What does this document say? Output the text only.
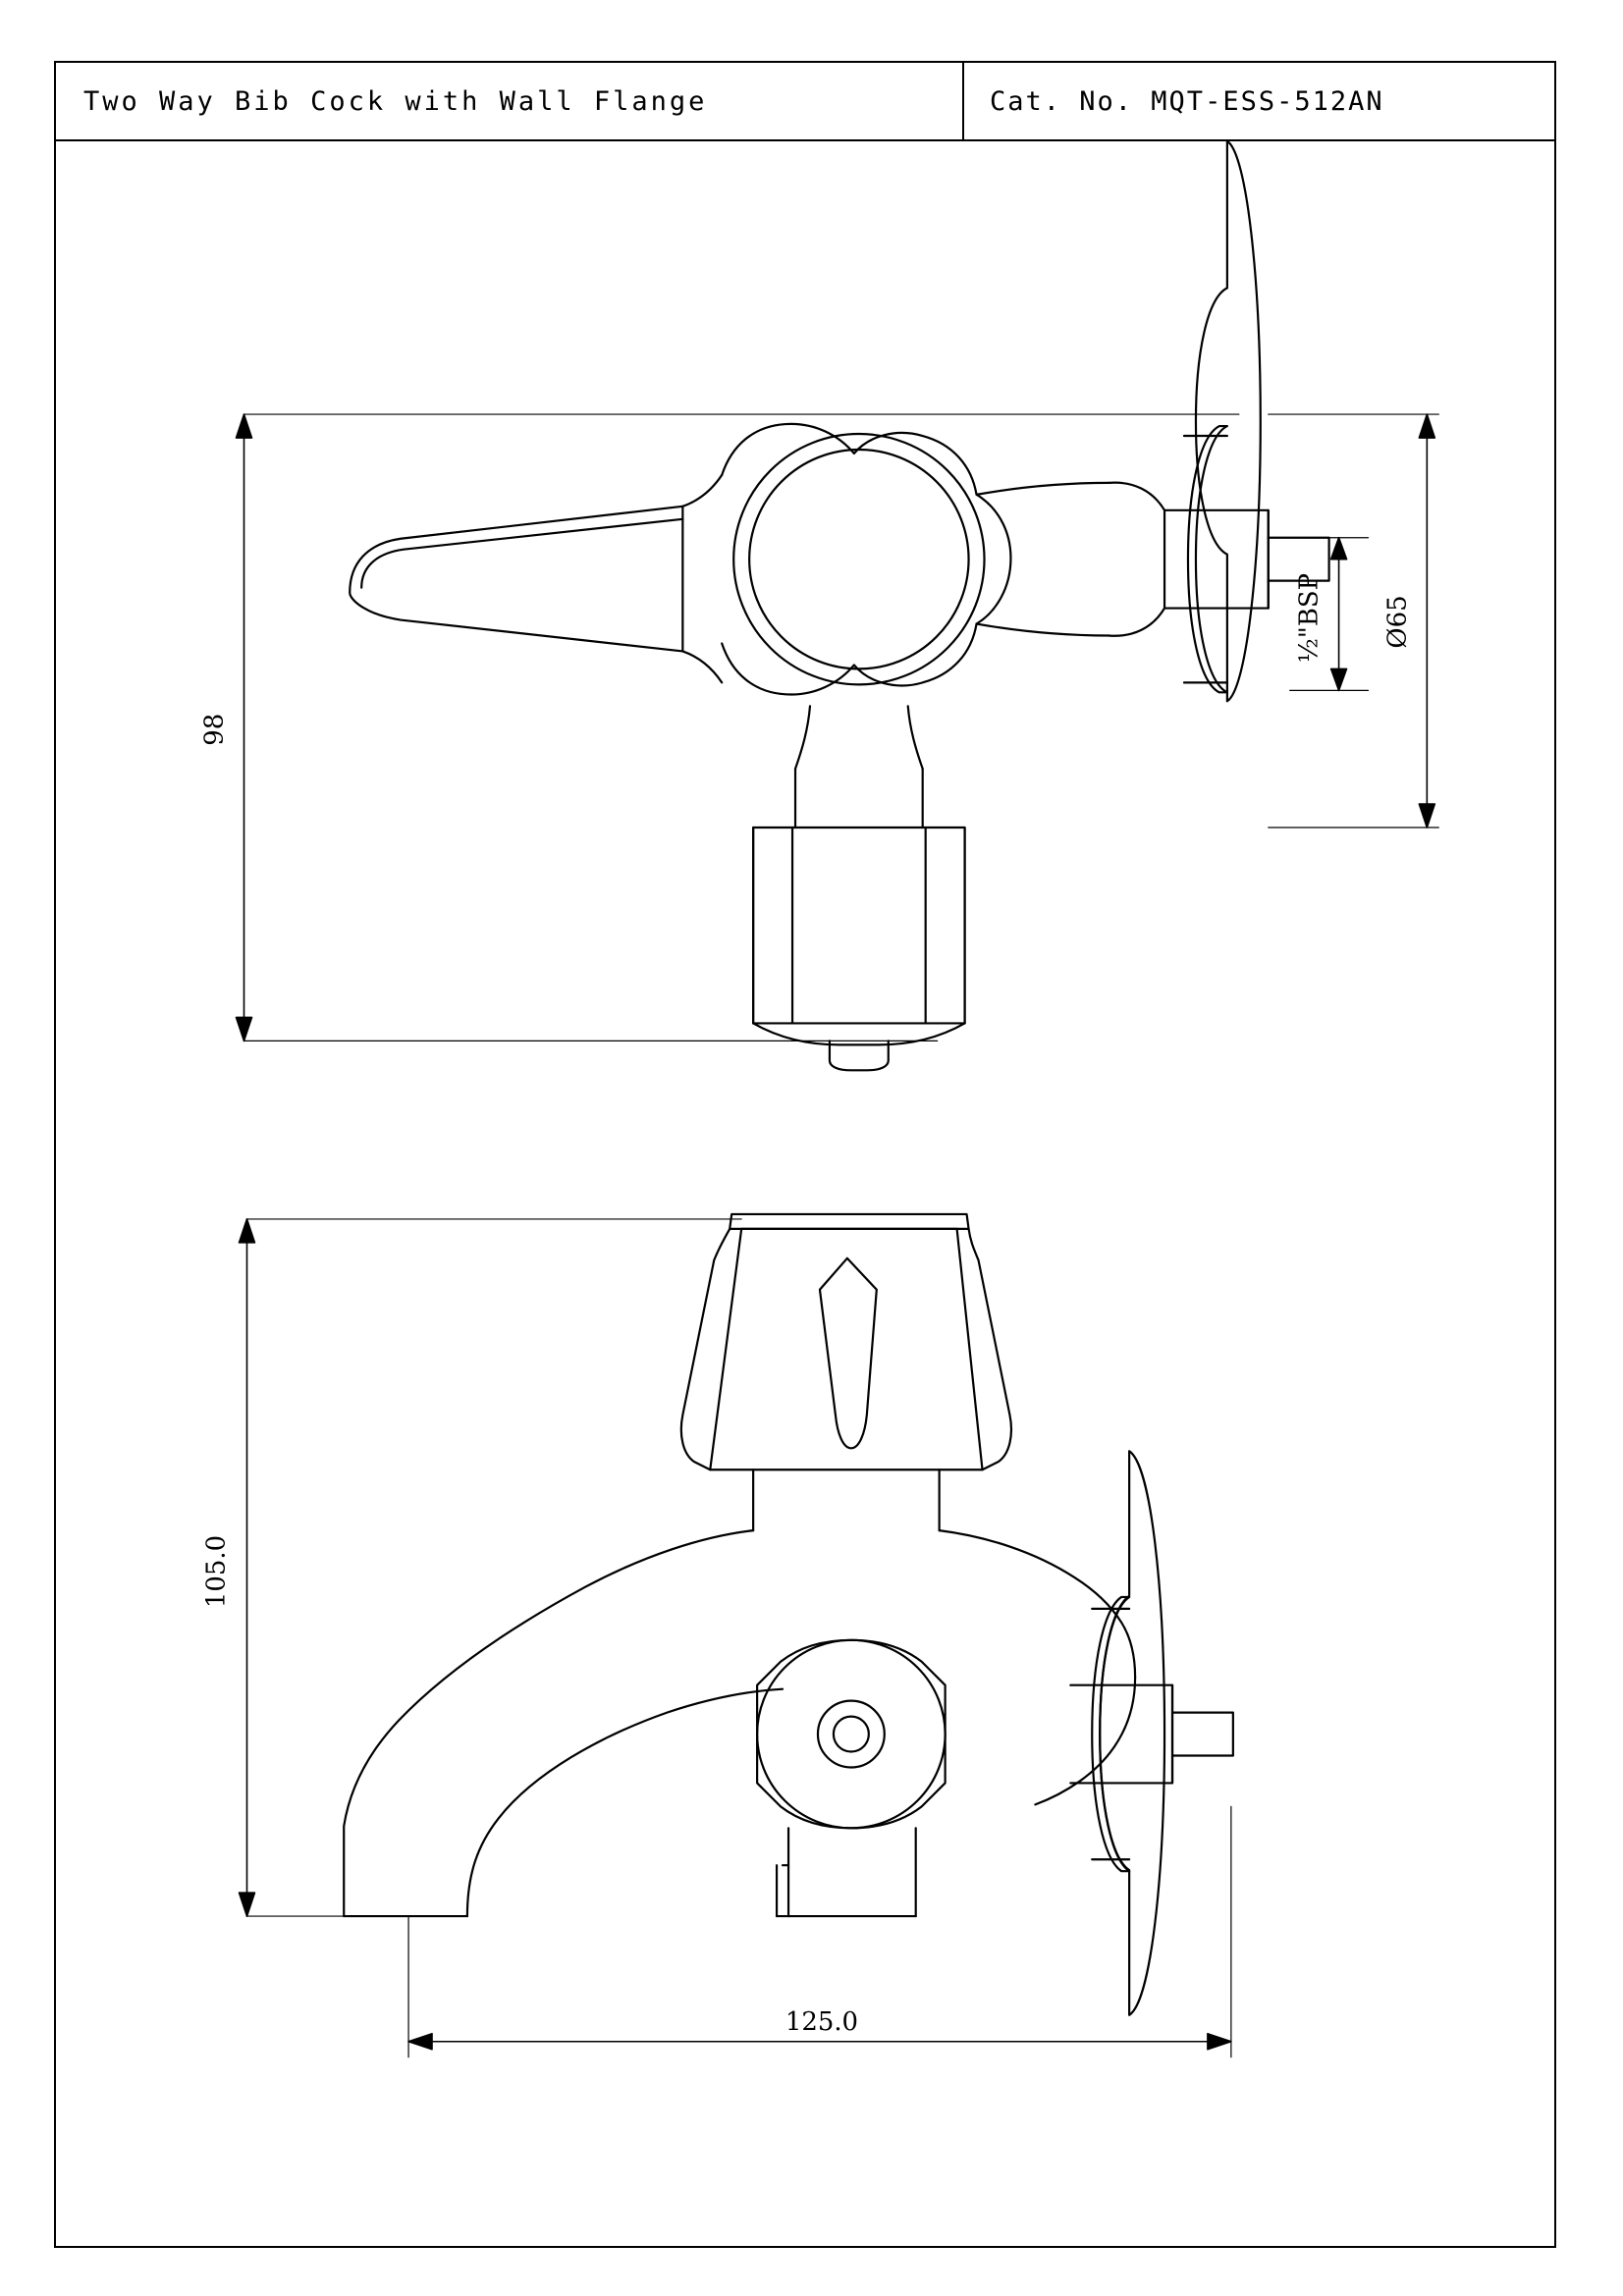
Two Way Bib Cock with Wall Flange	Cat. No. MQT-ESS-512AN
98
Ø65
½"BSP
105.0
125.0
